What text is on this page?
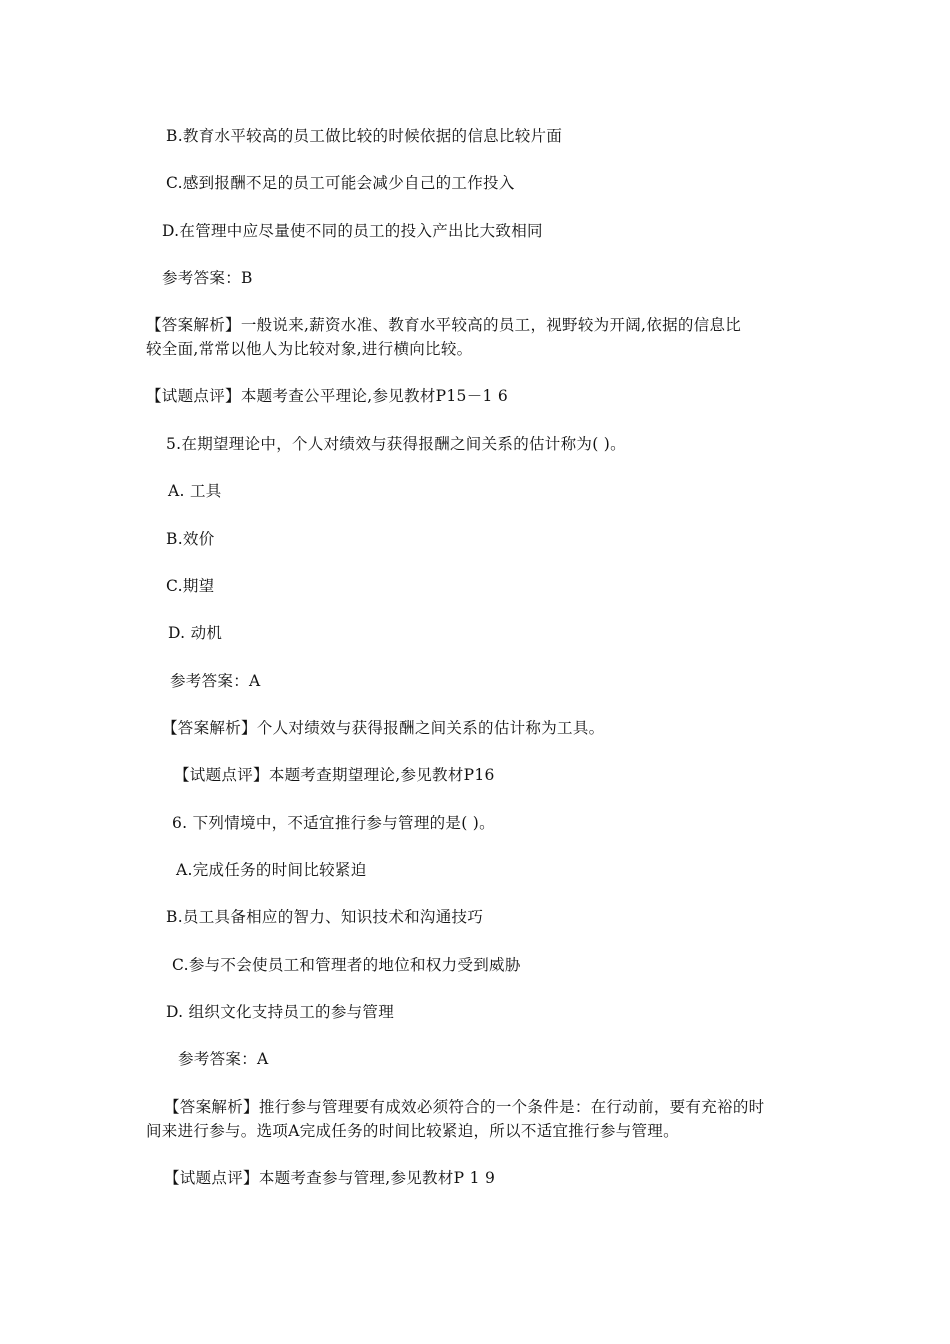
B.教育水平较高的员工做比较的时候依据的信息比较片面
C.感到报酬不足的员工可能会减少自己的工作投入
D.在管理中应尽量使不同的员工的投入产出比大致相同
参考答案：B
【答案解析】一般说来,薪资水准、教育水平较高的员工，视野较为开阔,依据的信息比
较全面,常常以他人为比较对象,进行横向比较。
【试题点评】本题考查公平理论,参见教材P15－1 6
5.在期望理论中，个人对绩效与获得报酬之间关系的估计称为( )。
A. 工具
B.效价
C.期望
D. 动机
参考答案：A
【答案解析】个人对绩效与获得报酬之间关系的估计称为工具。
【试题点评】本题考查期望理论,参见教材P16
6. 下列情境中，不适宜推行参与管理的是( )。
A.完成任务的时间比较紧迫
B.员工具备相应的智力、知识技术和沟通技巧
C.参与不会使员工和管理者的地位和权力受到威胁
D. 组织文化支持员工的参与管理
参考答案：A
【答案解析】推行参与管理要有成效必须符合的一个条件是：在行动前，要有充裕的时
间来进行参与。选项A完成任务的时间比较紧迫，所以不适宜推行参与管理。
【试题点评】本题考查参与管理,参见教材P 1 9
